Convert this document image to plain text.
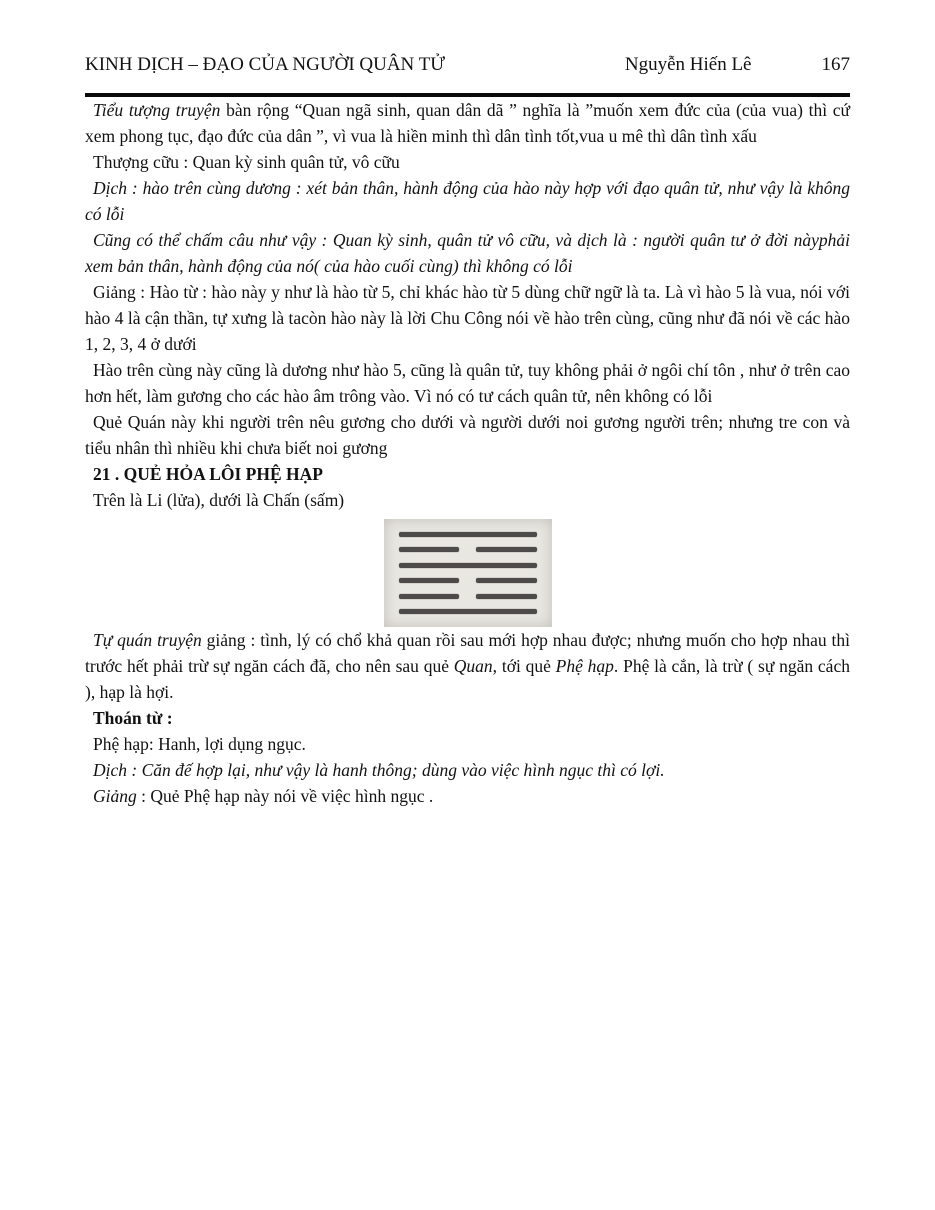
KINH DỊCH – ĐẠO CỦA NGƯỜI QUÂN TỬ	Nguyễn Hiến Lê	167

Tiểu tượng truyện bàn rộng “Quan ngã sinh, quan dân dã ” nghĩa là ”muốn xem đức của (của vua) thì cứ xem phong tục, đạo đức của dân ”, vì vua là hiền minh thì dân tình tốt,vua u mê thì dân tình xấu

Thượng cữu : Quan kỳ sinh quân tử, vô cữu

Dịch : hào trên cùng dương : xét bản thân, hành động của hào này hợp với đạo quân tử, như vậy là không có lỗi

Cũng có thể chấm câu như vậy : Quan kỳ sinh, quân tử vô cữu, và dịch là : người quân tư ở đời nàyphải xem bản thân, hành động của nó( của hào cuối cùng) thì không có lỗi

Giảng : Hào từ : hào này y như là hào từ 5, chỉ khác hào từ 5 dùng chữ ngữ là ta. Là vì hào 5 là vua, nói với hào 4 là cận thần, tự xưng là tacòn hào này là lời Chu Công nói về hào trên cùng, cũng như đã nói về các hào 1, 2, 3, 4 ở dưới

Hào trên cùng này cũng là dương như hào 5, cũng là quân tử, tuy không phải ở ngôi chí tôn , như ở trên cao hơn hết, làm gương cho các hào âm trông vào. Vì nó có tư cách quân tử, nên không có lỗi

Quẻ Quán này khi người trên nêu gương cho dưới và người dưới noi gương người trên; nhưng tre con và tiểu nhân thì nhiều khi chưa biết noi gương

21 . QUẺ HỎA LÔI PHỆ HẠP

Trên là Li (lửa), dưới là Chấn (sấm)

Tự quán truyện giảng : tình, lý có chổ khả quan rồi sau mới hợp nhau được; nhưng muốn cho hợp nhau thì trước hết phải trừ sự ngăn cách đã, cho nên sau quẻ Quan, tới quẻ Phệ hạp. Phệ là cắn, là trừ ( sự ngăn cách ), hạp là hợi.

Thoán từ :

Phệ hạp: Hanh, lợi dụng ngục.

Dịch : Căn đế hợp lại, như vậy là hanh thông; dùng vào việc hình ngục thì có lợi.

Giảng : Quẻ Phệ hạp này nói về việc hình ngục .
